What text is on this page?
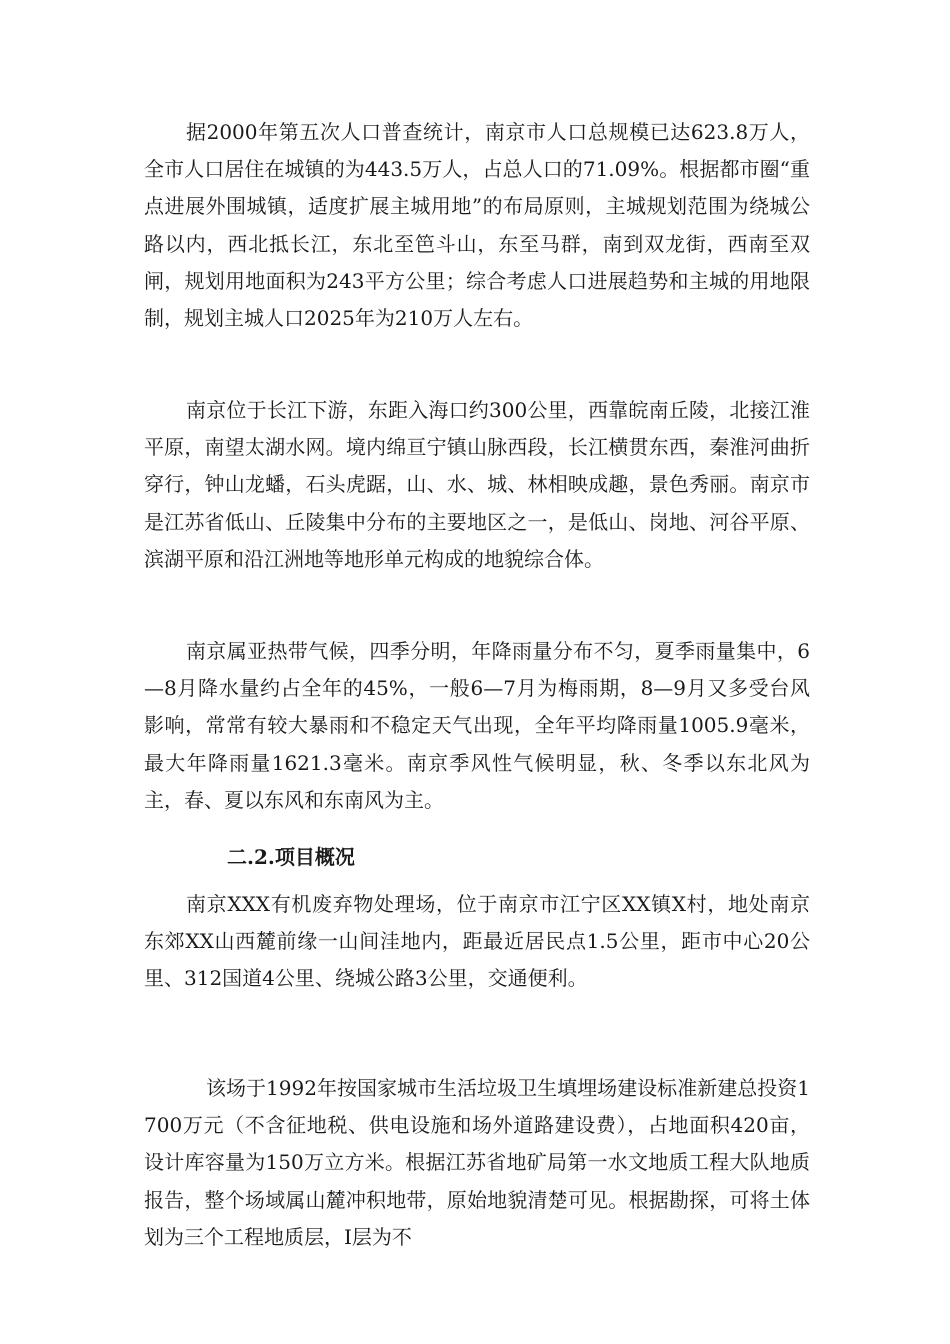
据2000年第五次人口普查统计，南京市人口总规模已达623.8万人，全市人口居住在城镇的为443.5万人，占总人口的71.09%。根据都市圈“重点进展外围城镇，适度扩展主城用地”的布局原则，主城规划范围为绕城公路以内，西北抵长江，东北至笆斗山，东至马群，南到双龙街，西南至双闸，规划用地面积为243平方公里；综合考虑人口进展趋势和主城的用地限制，规划主城人口2025年为210万人左右。

南京位于长江下游，东距入海口约300公里，西靠皖南丘陵，北接江淮平原，南望太湖水网。境内绵亘宁镇山脉西段，长江横贯东西，秦淮河曲折穿行，钟山龙蟠，石头虎踞，山、水、城、林相映成趣，景色秀丽。南京市是江苏省低山、丘陵集中分布的主要地区之一，是低山、岗地、河谷平原、滨湖平原和沿江洲地等地形单元构成的地貌综合体。

南京属亚热带气候，四季分明，年降雨量分布不匀，夏季雨量集中，6—8月降水量约占全年的45%，一般6—7月为梅雨期，8—9月又多受台风影响，常常有较大暴雨和不稳定天气出现，全年平均降雨量1005.9毫米，最大年降雨量1621.3毫米。南京季风性气候明显，秋、冬季以东北风为主，春、夏以东风和东南风为主。

二.2.项目概况

南京XXX有机废弃物处理场，位于南京市江宁区XX镇X村，地处南京东郊XX山西麓前缘一山间洼地内，距最近居民点1.5公里，距市中心20公里、312国道4公里、绕城公路3公里，交通便利。

该场于1992年按国家城市生活垃圾卫生填埋场建设标准新建总投资1700万元（不含征地税、供电设施和场外道路建设费），占地面积420亩，设计库容量为150万立方米。根据江苏省地矿局第一水文地质工程大队地质报告，整个场域属山麓冲积地带，原始地貌清楚可见。根据勘探，可将土体划为三个工程地质层，Ⅰ层为不
